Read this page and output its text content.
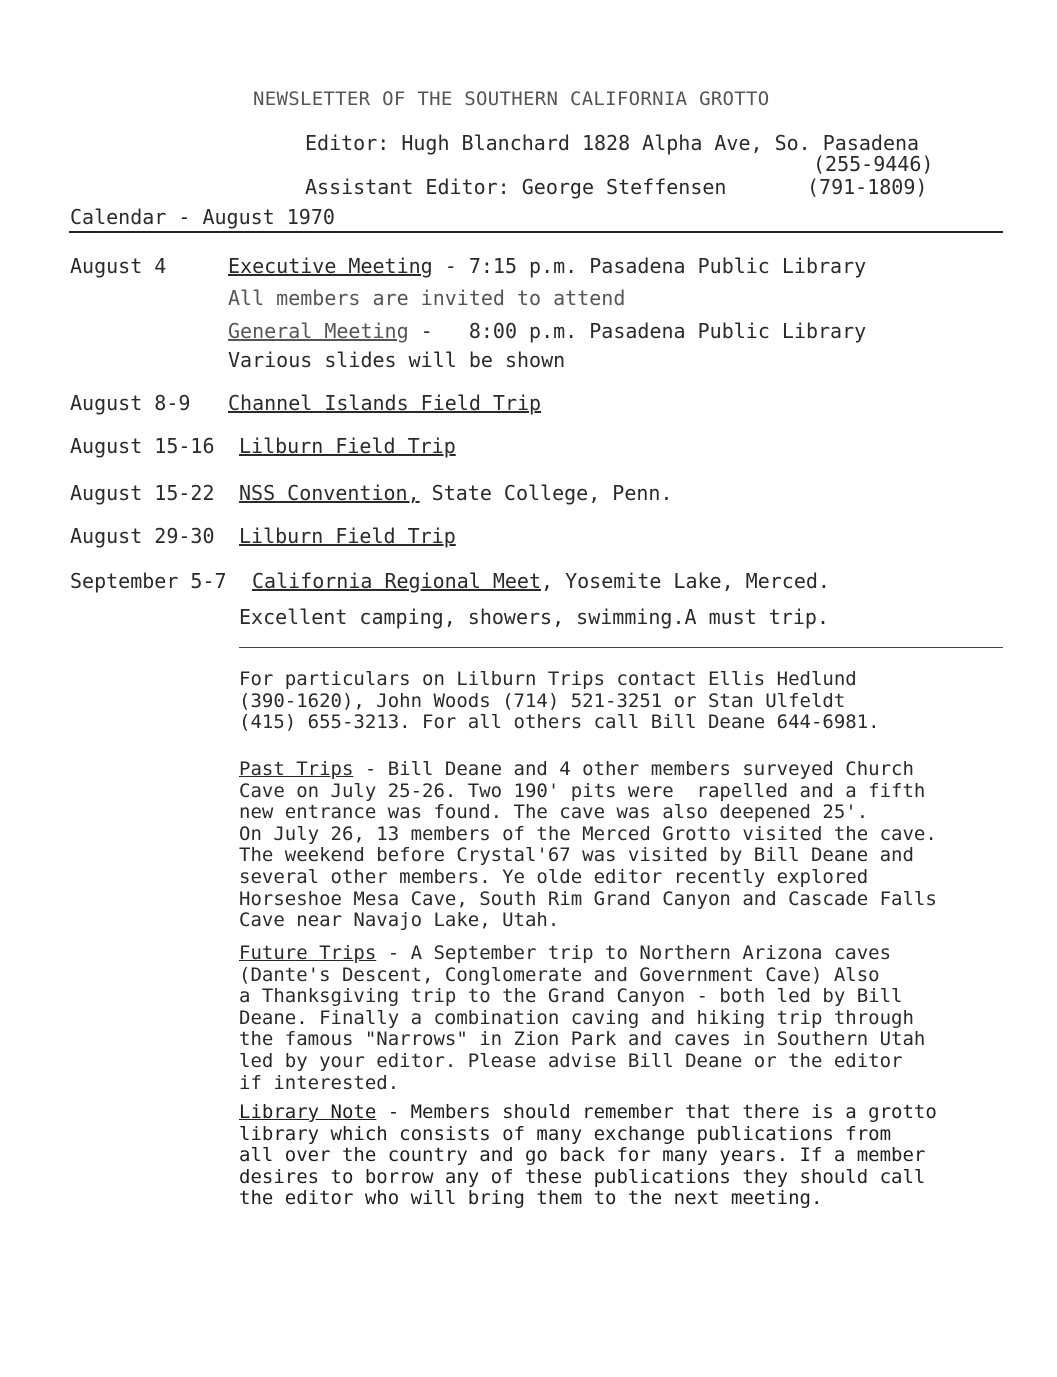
NEWSLETTER OF THE SOUTHERN CALIFORNIA GROTTO
Editor: Hugh Blanchard 1828 Alpha Ave, So. Pasadena
(255-9446)
Assistant Editor: George Steffensen	(791-1809)
Calendar - August 1970
August 4	Executive Meeting - 7:15 p.m. Pasadena Public Library
All members are invited to attend
General Meeting -   8:00 p.m. Pasadena Public Library
Various slides will be shown
August 8-9 Channel Islands Field Trip
August 15-16 Lilburn Field Trip
August 15-22 NSS Convention, State College, Penn.
August 29-30 Lilburn Field Trip
September 5-7 California Regional Meet, Yosemite Lake, Merced.
Excellent camping, showers, swimming.A must trip.
For particulars on Lilburn Trips contact Ellis Hedlund
(390-1620), John Woods (714) 521-3251 or Stan Ulfeldt
(415) 655-3213. For all others call Bill Deane 644-6981.
Past Trips - Bill Deane and 4 other members surveyed Church
Cave on July 25-26. Two 190' pits were  rapelled and a fifth
new entrance was found. The cave was also deepened 25'.
On July 26, 13 members of the Merced Grotto visited the cave.
The weekend before Crystal'67 was visited by Bill Deane and
several other members. Ye olde editor recently explored
Horseshoe Mesa Cave, South Rim Grand Canyon and Cascade Falls
Cave near Navajo Lake, Utah.
Future Trips - A September trip to Northern Arizona caves
(Dante's Descent, Conglomerate and Government Cave) Also
a Thanksgiving trip to the Grand Canyon - both led by Bill
Deane. Finally a combination caving and hiking trip through
the famous "Narrows" in Zion Park and caves in Southern Utah
led by your editor. Please advise Bill Deane or the editor
if interested.
Library Note - Members should remember that there is a grotto
library which consists of many exchange publications from
all over the country and go back for many years. If a member
desires to borrow any of these publications they should call
the editor who will bring them to the next meeting.
